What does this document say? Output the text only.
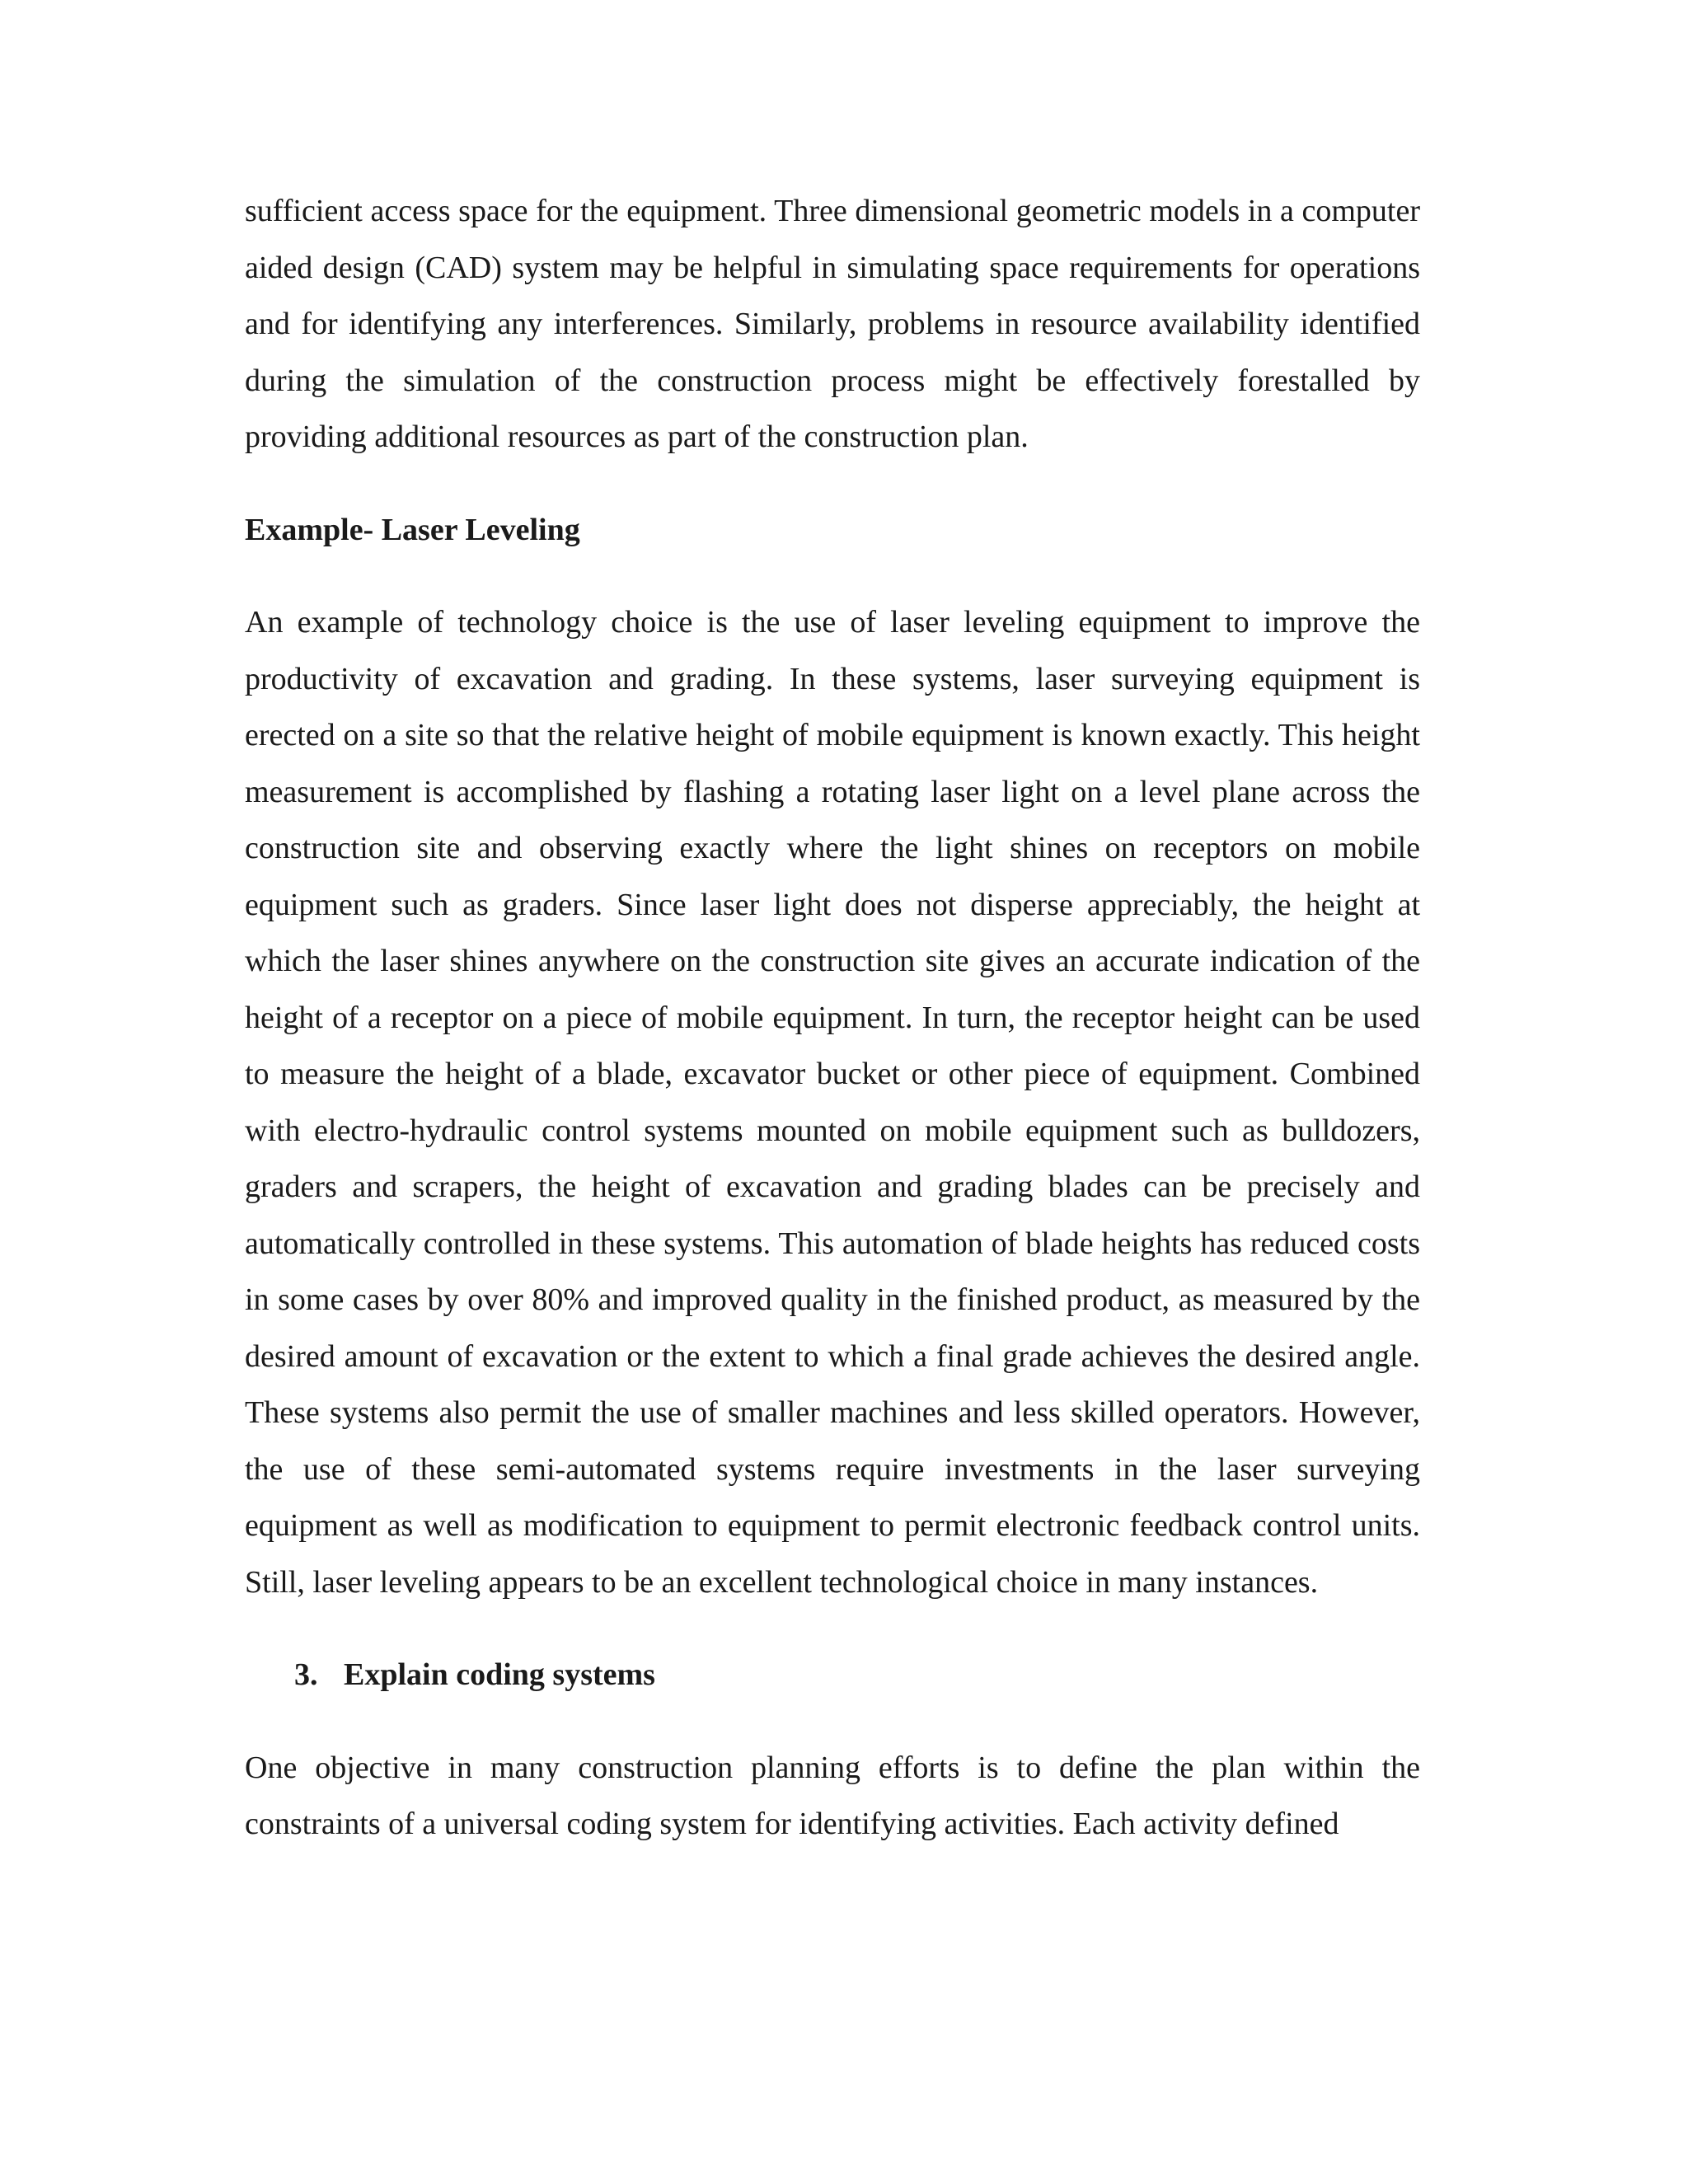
sufficient access space for the equipment. Three dimensional geometric models in a computer aided design (CAD) system may be helpful in simulating space requirements for operations and for identifying any interferences. Similarly, problems in resource availability identified during the simulation of the construction process might be effectively forestalled by providing additional resources as part of the construction plan.

Example- Laser Leveling

An example of technology choice is the use of laser leveling equipment to improve the productivity of excavation and grading. In these systems, laser surveying equipment is erected on a site so that the relative height of mobile equipment is known exactly. This height measurement is accomplished by flashing a rotating laser light on a level plane across the construction site and observing exactly where the light shines on receptors on mobile equipment such as graders. Since laser light does not disperse appreciably, the height at which the laser shines anywhere on the construction site gives an accurate indication of the height of a receptor on a piece of mobile equipment. In turn, the receptor height can be used to measure the height of a blade, excavator bucket or other piece of equipment. Combined with electro-hydraulic control systems mounted on mobile equipment such as bulldozers, graders and scrapers, the height of excavation and grading blades can be precisely and automatically controlled in these systems. This automation of blade heights has reduced costs in some cases by over 80% and improved quality in the finished product, as measured by the desired amount of excavation or the extent to which a final grade achieves the desired angle. These systems also permit the use of smaller machines and less skilled operators. However, the use of these semi-automated systems require investments in the laser surveying equipment as well as modification to equipment to permit electronic feedback control units. Still, laser leveling appears to be an excellent technological choice in many instances.

3. Explain coding systems

One objective in many construction planning efforts is to define the plan within the constraints of a universal coding system for identifying activities. Each activity defined
